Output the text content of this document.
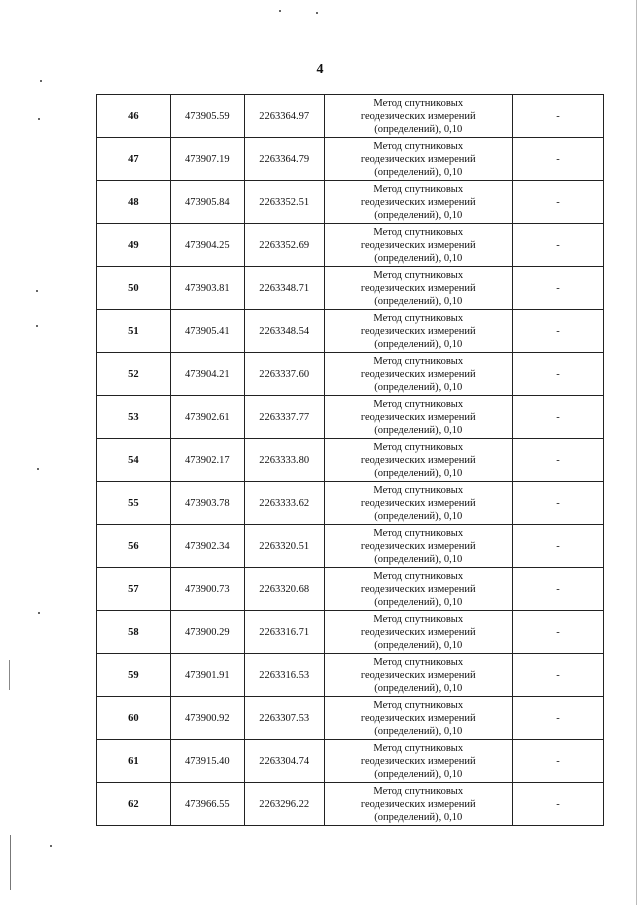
4
46	473905.59	2263364.97	Метод спутниковых
геодезических измерений
(определений), 0,10	-
47	473907.19	2263364.79	Метод спутниковых
геодезических измерений
(определений), 0,10	-
48	473905.84	2263352.51	Метод спутниковых
геодезических измерений
(определений), 0,10	-
49	473904.25	2263352.69	Метод спутниковых
геодезических измерений
(определений), 0,10	-
50	473903.81	2263348.71	Метод спутниковых
геодезических измерений
(определений), 0,10	-
51	473905.41	2263348.54	Метод спутниковых
геодезических измерений
(определений), 0,10	-
52	473904.21	2263337.60	Метод спутниковых
геодезических измерений
(определений), 0,10	-
53	473902.61	2263337.77	Метод спутниковых
геодезических измерений
(определений), 0,10	-
54	473902.17	2263333.80	Метод спутниковых
геодезических измерений
(определений), 0,10	-
55	473903.78	2263333.62	Метод спутниковых
геодезических измерений
(определений), 0,10	-
56	473902.34	2263320.51	Метод спутниковых
геодезических измерений
(определений), 0,10	-
57	473900.73	2263320.68	Метод спутниковых
геодезических измерений
(определений), 0,10	-
58	473900.29	2263316.71	Метод спутниковых
геодезических измерений
(определений), 0,10	-
59	473901.91	2263316.53	Метод спутниковых
геодезических измерений
(определений), 0,10	-
60	473900.92	2263307.53	Метод спутниковых
геодезических измерений
(определений), 0,10	-
61	473915.40	2263304.74	Метод спутниковых
геодезических измерений
(определений), 0,10	-
62	473966.55	2263296.22	Метод спутниковых
геодезических измерений
(определений), 0,10	-
